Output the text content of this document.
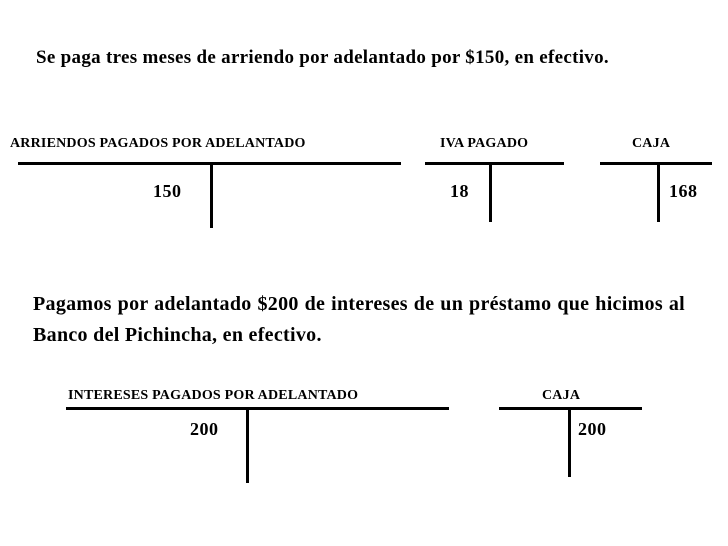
Se paga tres meses de arriendo por adelantado por $150, en efectivo.
ARRIENDOS PAGADOS POR ADELANTADO
150
IVA PAGADO
18
CAJA
168
Pagamos por adelantado $200 de intereses de un préstamo que hicimos al Banco del Pichincha, en efectivo.
INTERESES PAGADOS POR ADELANTADO
200
CAJA
200
